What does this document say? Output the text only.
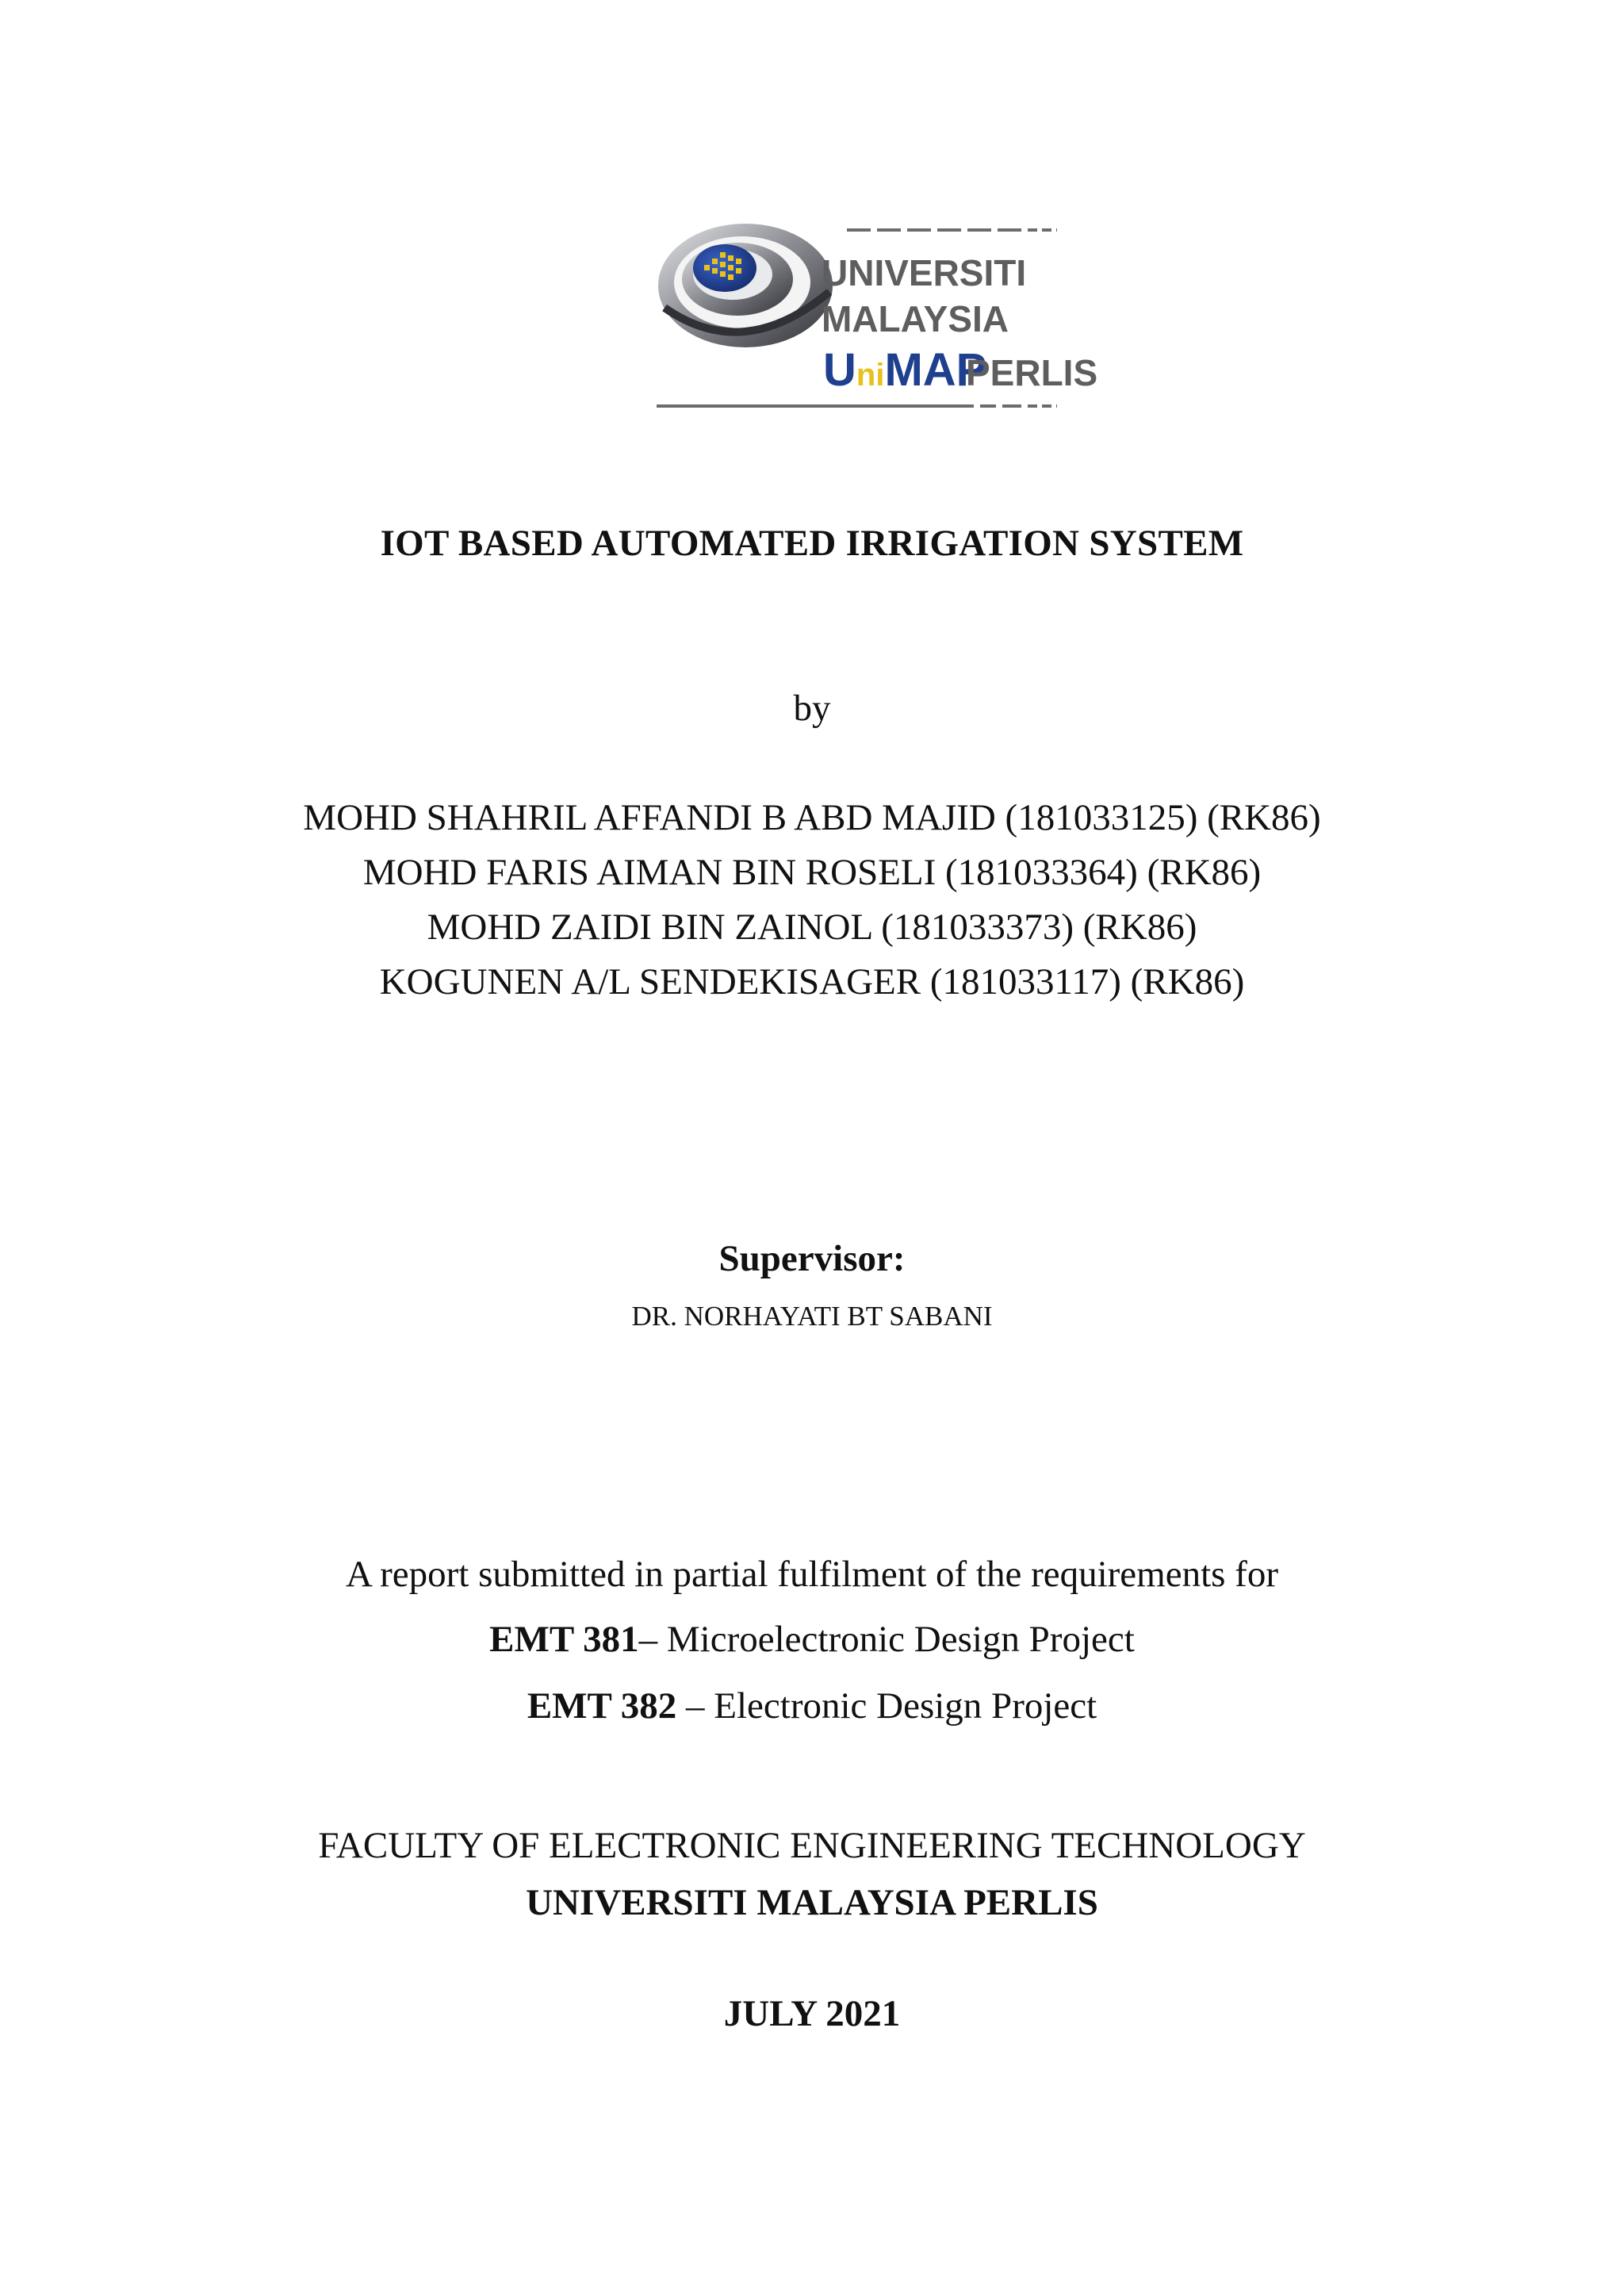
UniMAP
UNIVERSITI
MALAYSIA
PERLIS
IOT BASED AUTOMATED IRRIGATION SYSTEM
by
MOHD SHAHRIL AFFANDI B ABD MAJID (181033125) (RK86)
MOHD FARIS AIMAN BIN ROSELI (181033364) (RK86)
MOHD ZAIDI BIN ZAINOL (181033373) (RK86)
KOGUNEN A/L SENDEKISAGER (181033117) (RK86)
Supervisor:
DR. NORHAYATI BT SABANI
A report submitted in partial fulfilment of the requirements for
EMT 381– Microelectronic Design Project
EMT 382 – Electronic Design Project
FACULTY OF ELECTRONIC ENGINEERING TECHNOLOGY
UNIVERSITI MALAYSIA PERLIS
JULY 2021
